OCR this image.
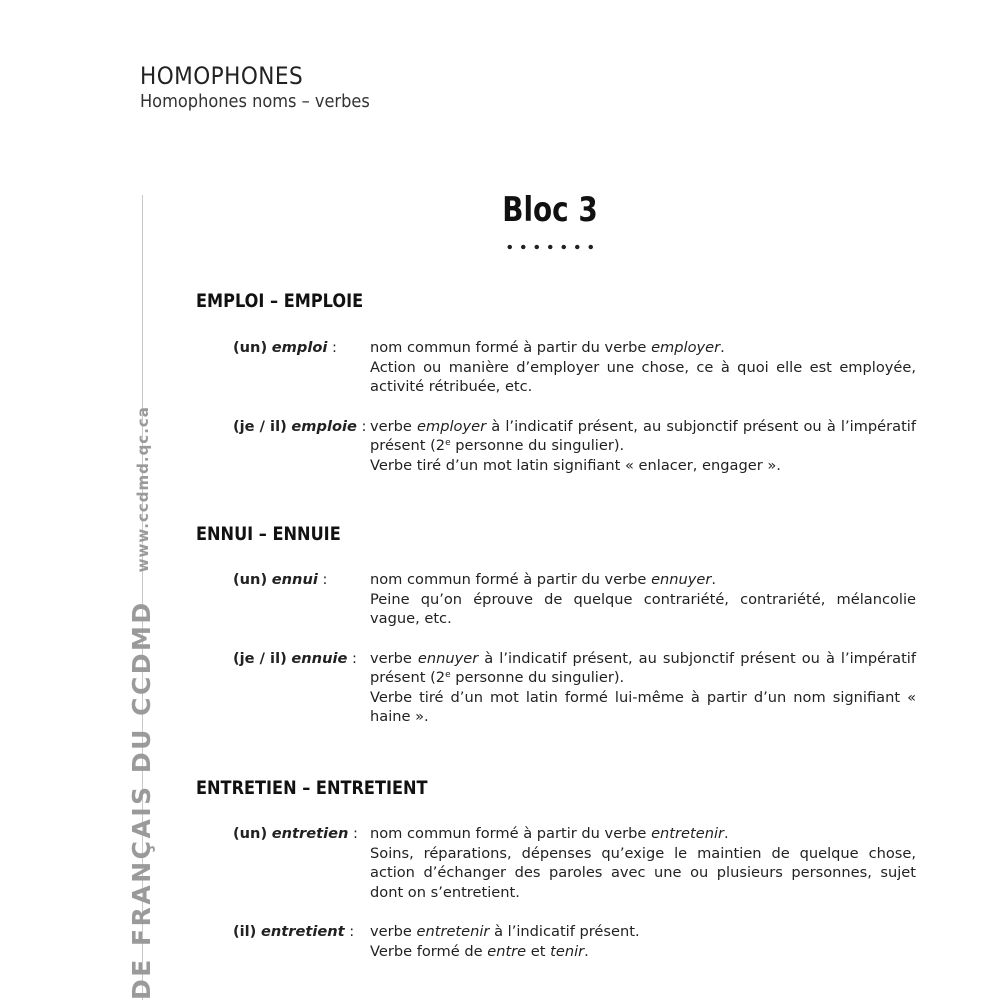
HOMOPHONES
Homophones noms – verbes
DE FRANÇAIS DU CCDMDwww.ccdmd.qc.ca
Bloc 3
EMPLOI – EMPLOIE
(un) emploi :	nom commun formé à partir du verbe employer.

Action ou manière d’employer une chose, ce à quoi elle est employée, activité rétribuée, etc.

(je / il) emploie : verbe employer à l’indicatif présent, au subjonctif présent ou à l’impératif présent (2e personne du singulier).

Verbe tiré d’un mot latin signifiant « enlacer, engager ».

ENNUI – ENNUIE
(un) ennui :	nom commun formé à partir du verbe ennuyer.

Peine qu’on éprouve de quelque contrariété, contrariété, mélancolie vague, etc.

(je / il) ennuie : verbe ennuyer à l’indicatif présent, au subjonctif présent ou à l’impératif présent (2e personne du singulier).

Verbe tiré d’un mot latin formé lui-même à partir d’un nom signifiant « haine ».

ENTRETIEN – ENTRETIENT
(un) entretien : nom commun formé à partir du verbe entretenir.

Soins, réparations, dépenses qu’exige le maintien de quelque chose, action d’échanger des paroles avec une ou plusieurs personnes, sujet dont on s’entretient.

(il) entretient :	verbe entretenir à l’indicatif présent.

Verbe formé de entre et tenir.
